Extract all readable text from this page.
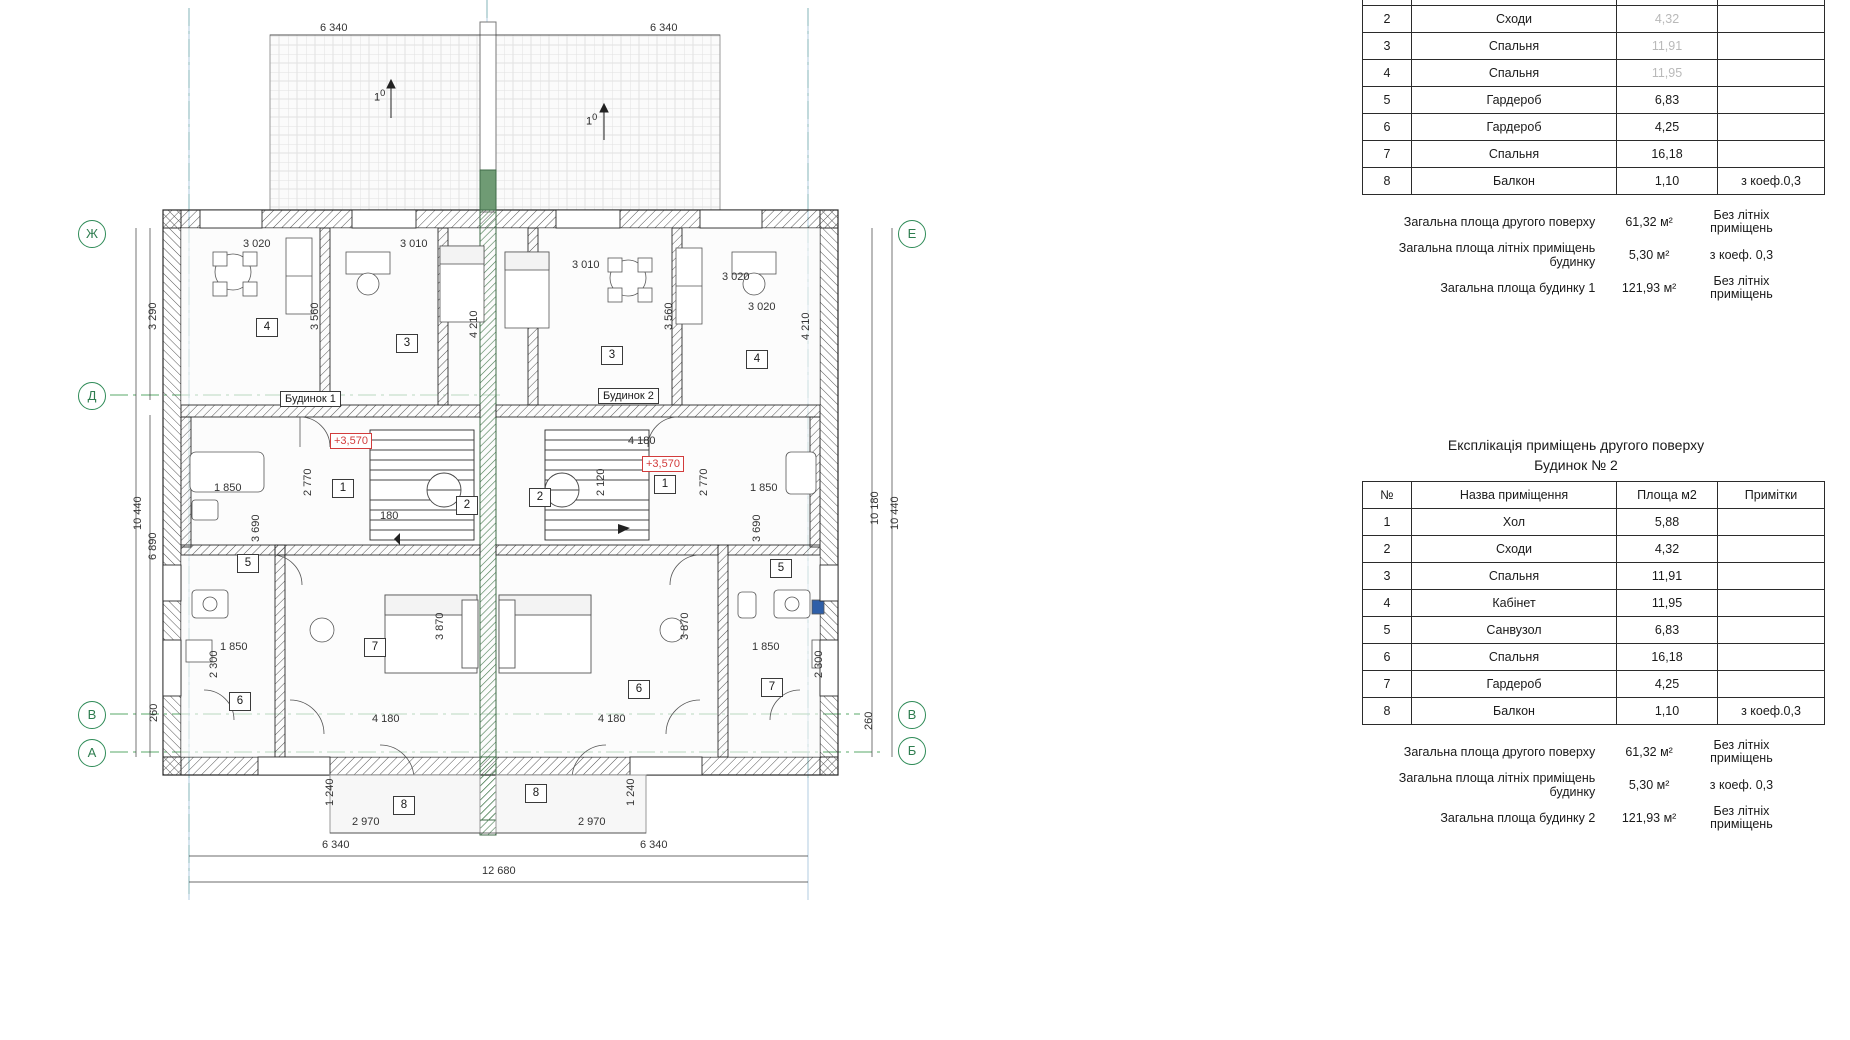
Ж
Д
В
А
Е
В
Б
6 340	6 340
3 020	3 010
3 010
3 020
3 020
4 180
1 850	1 850
1 850	1 850
180
4 180	4 180
2 970	2 970
6 340	6 340
12 680
3 290
10 440
6 890
10 180 10 440
3 560	4 210	3 560	4 210
2 770	2 770
2 120
3 690	3 690
3 870	3 870
2 300	2 300
260	260
1 240	1 240
4
3
3	4
1
2
2
1
5	5
7
6
6
7
8
8
+3,570
+3,570
Будинок 1	Будинок 2
$1^0$
$1^0$

2	Сходи	4,32	
3	Спальня	11,91	
4	Спальня	11,95	
5	Гардероб	6,83	
6	Гардероб	4,25	
7	Спальня	16,18	
8	Балкон	1,10	з коеф.0,3
Загальна площа другого поверху	61,32 м²	Без літніх приміщень
Загальна площа літніх приміщень будинку	5,30 м²	з коеф. 0,3
Загальна площа будинку 1	121,93 м²	Без літніх приміщень
Експлікація приміщень другого поверху
Будинок № 2
№	Назва приміщення	Площа м2	Примітки
1	Хол	5,88	
2	Сходи	4,32	
3	Спальня	11,91	
4	Кабінет	11,95	
5	Санвузол	6,83	
6	Спальня	16,18	
7	Гардероб	4,25	
8	Балкон	1,10	з коеф.0,3
Загальна площа другого поверху	61,32 м²	Без літніх приміщень
Загальна площа літніх приміщень будинку	5,30 м²	з коеф. 0,3
Загальна площа будинку 2	121,93 м²	Без літніх приміщень
